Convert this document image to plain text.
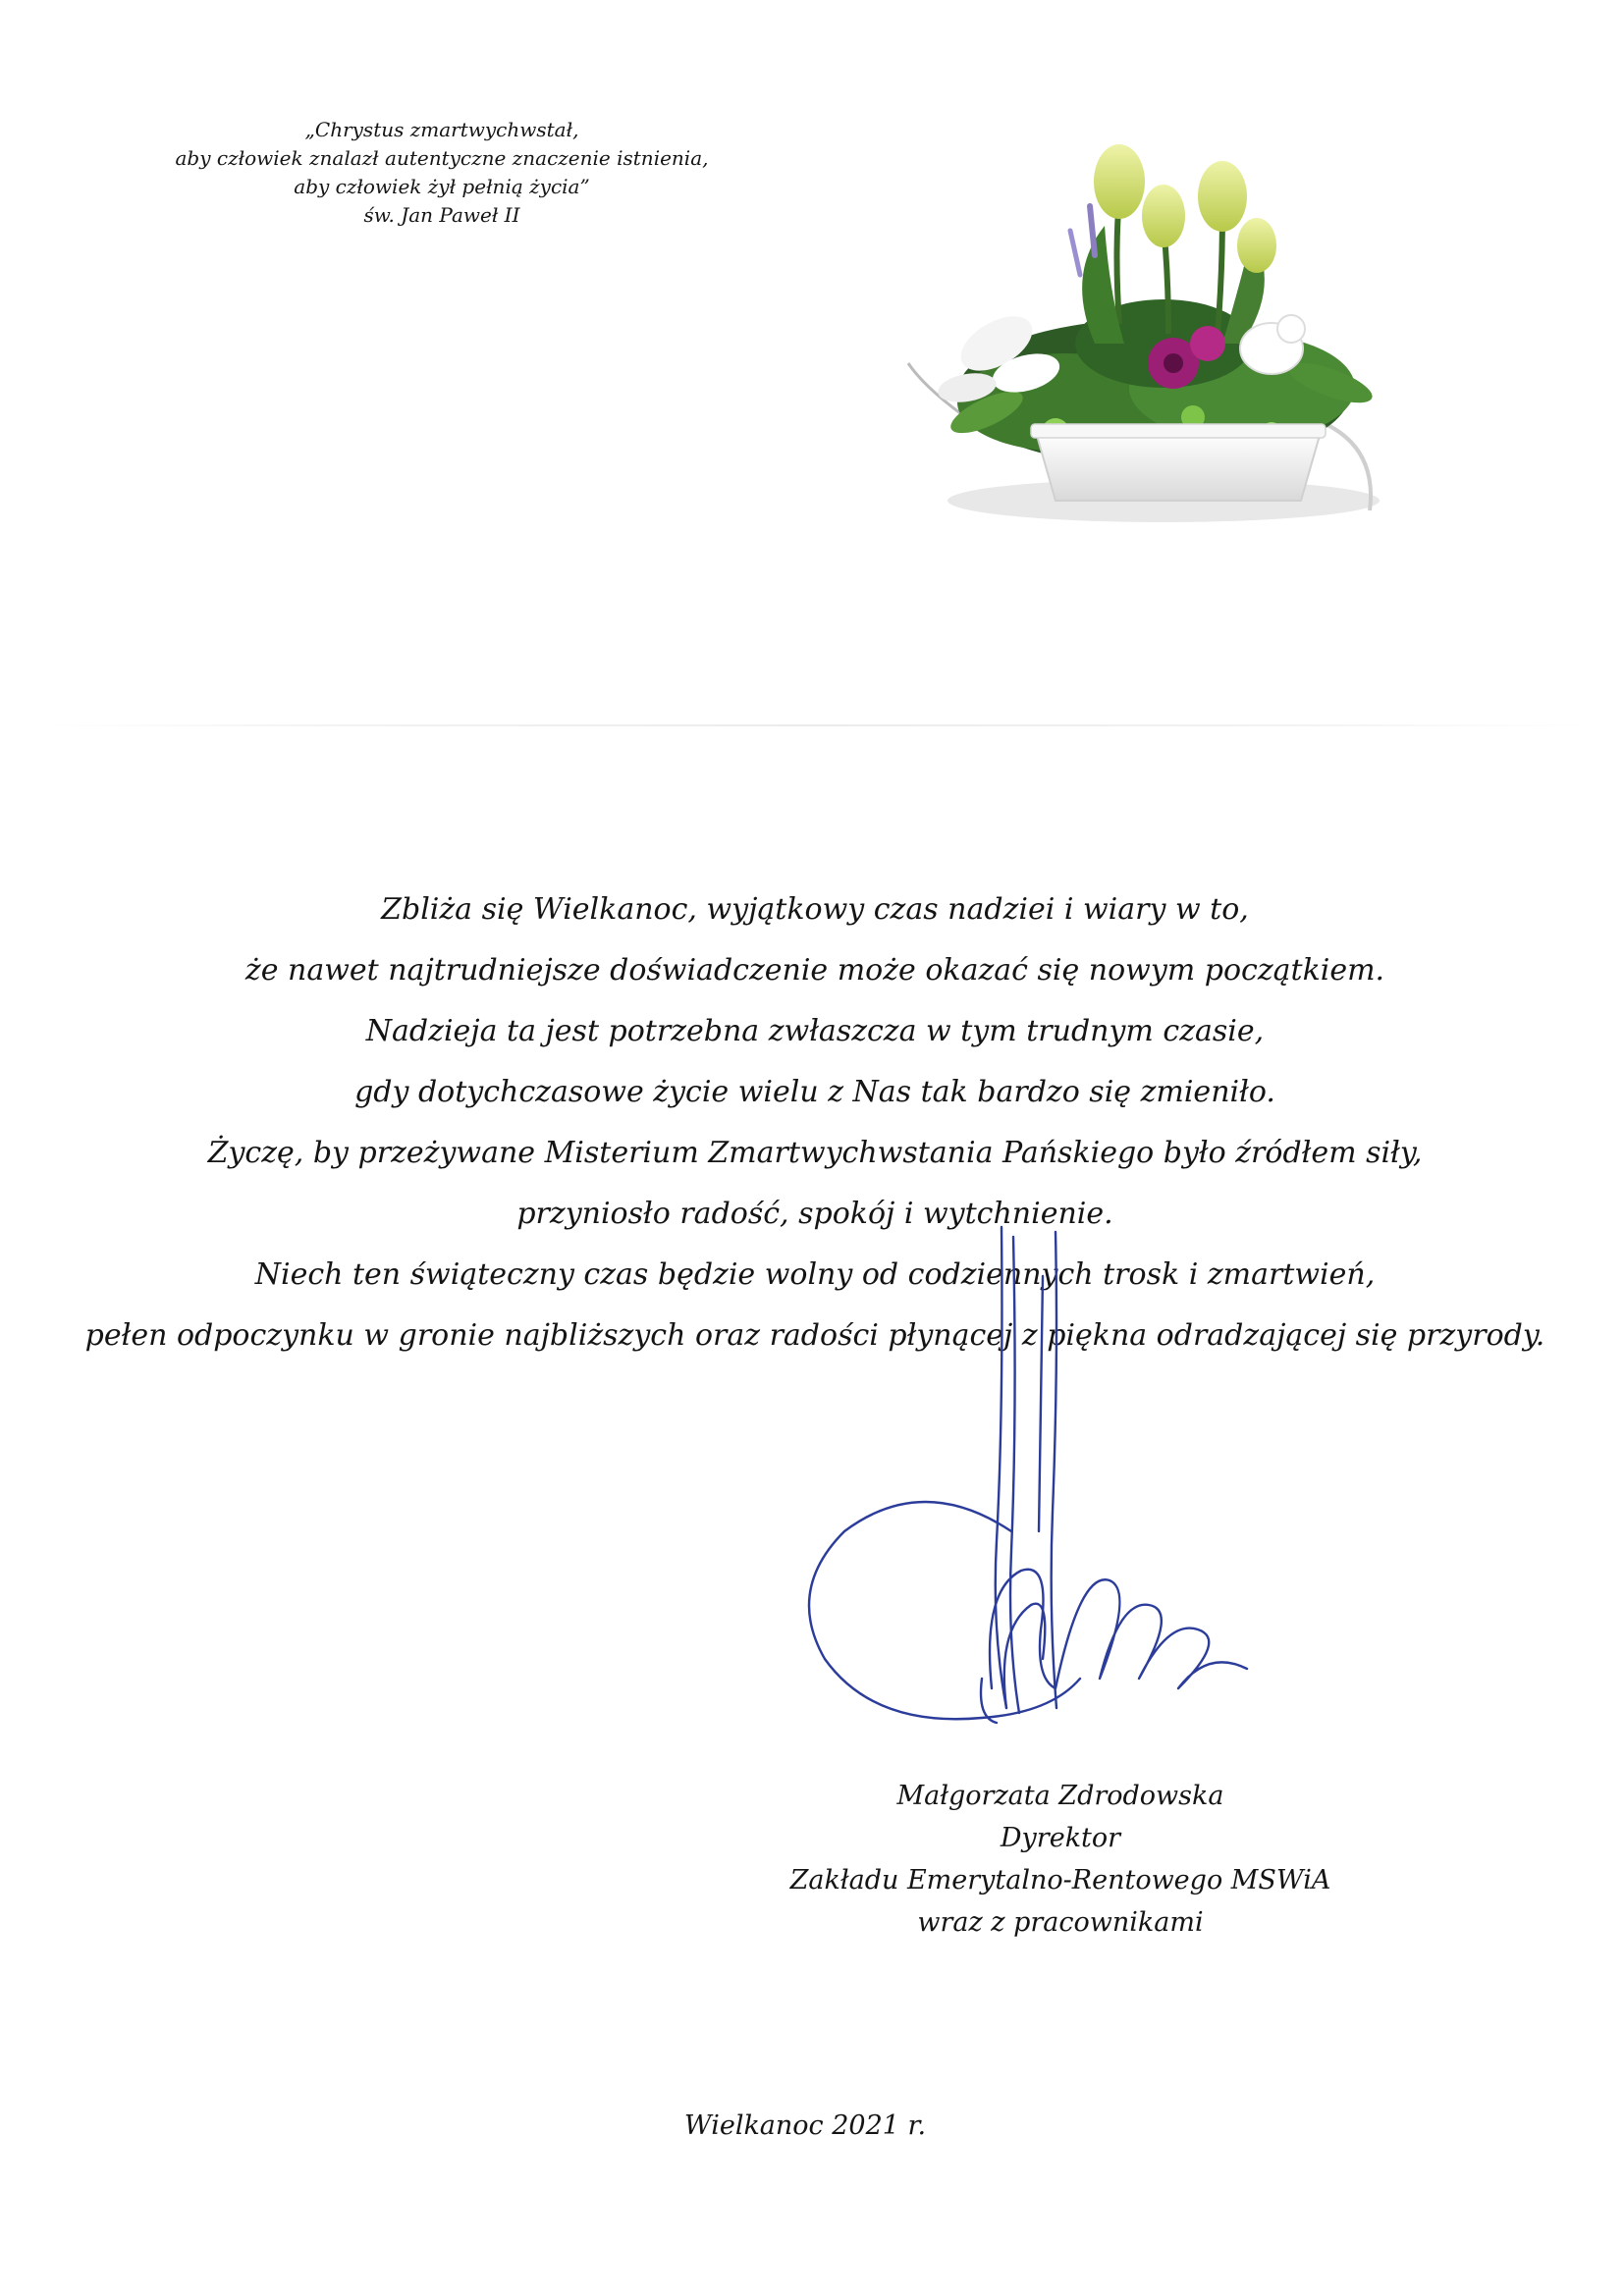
„Chrystus zmartwychwstał,
aby człowiek znalazł autentyczne znaczenie istnienia,
aby człowiek żył pełnią życia”
św. Jan Paweł II
Zbliża się Wielkanoc, wyjątkowy czas nadziei i wiary w to,
że nawet najtrudniejsze doświadczenie może okazać się nowym początkiem.
Nadzieja ta jest potrzebna zwłaszcza w tym trudnym czasie,
gdy dotychczasowe życie wielu z Nas tak bardzo się zmieniło.
Życzę, by przeżywane Misterium Zmartwychwstania Pańskiego było źródłem siły,
przyniosło radość, spokój i wytchnienie.
Niech ten świąteczny czas będzie wolny od codziennych trosk i zmartwień,
pełen odpoczynku w gronie najbliższych oraz radości płynącej z piękna odradzającej się przyrody.
Małgorzata Zdrodowska
Dyrektor
Zakładu Emerytalno-Rentowego MSWiA
wraz z pracownikami
Wielkanoc 2021 r.
